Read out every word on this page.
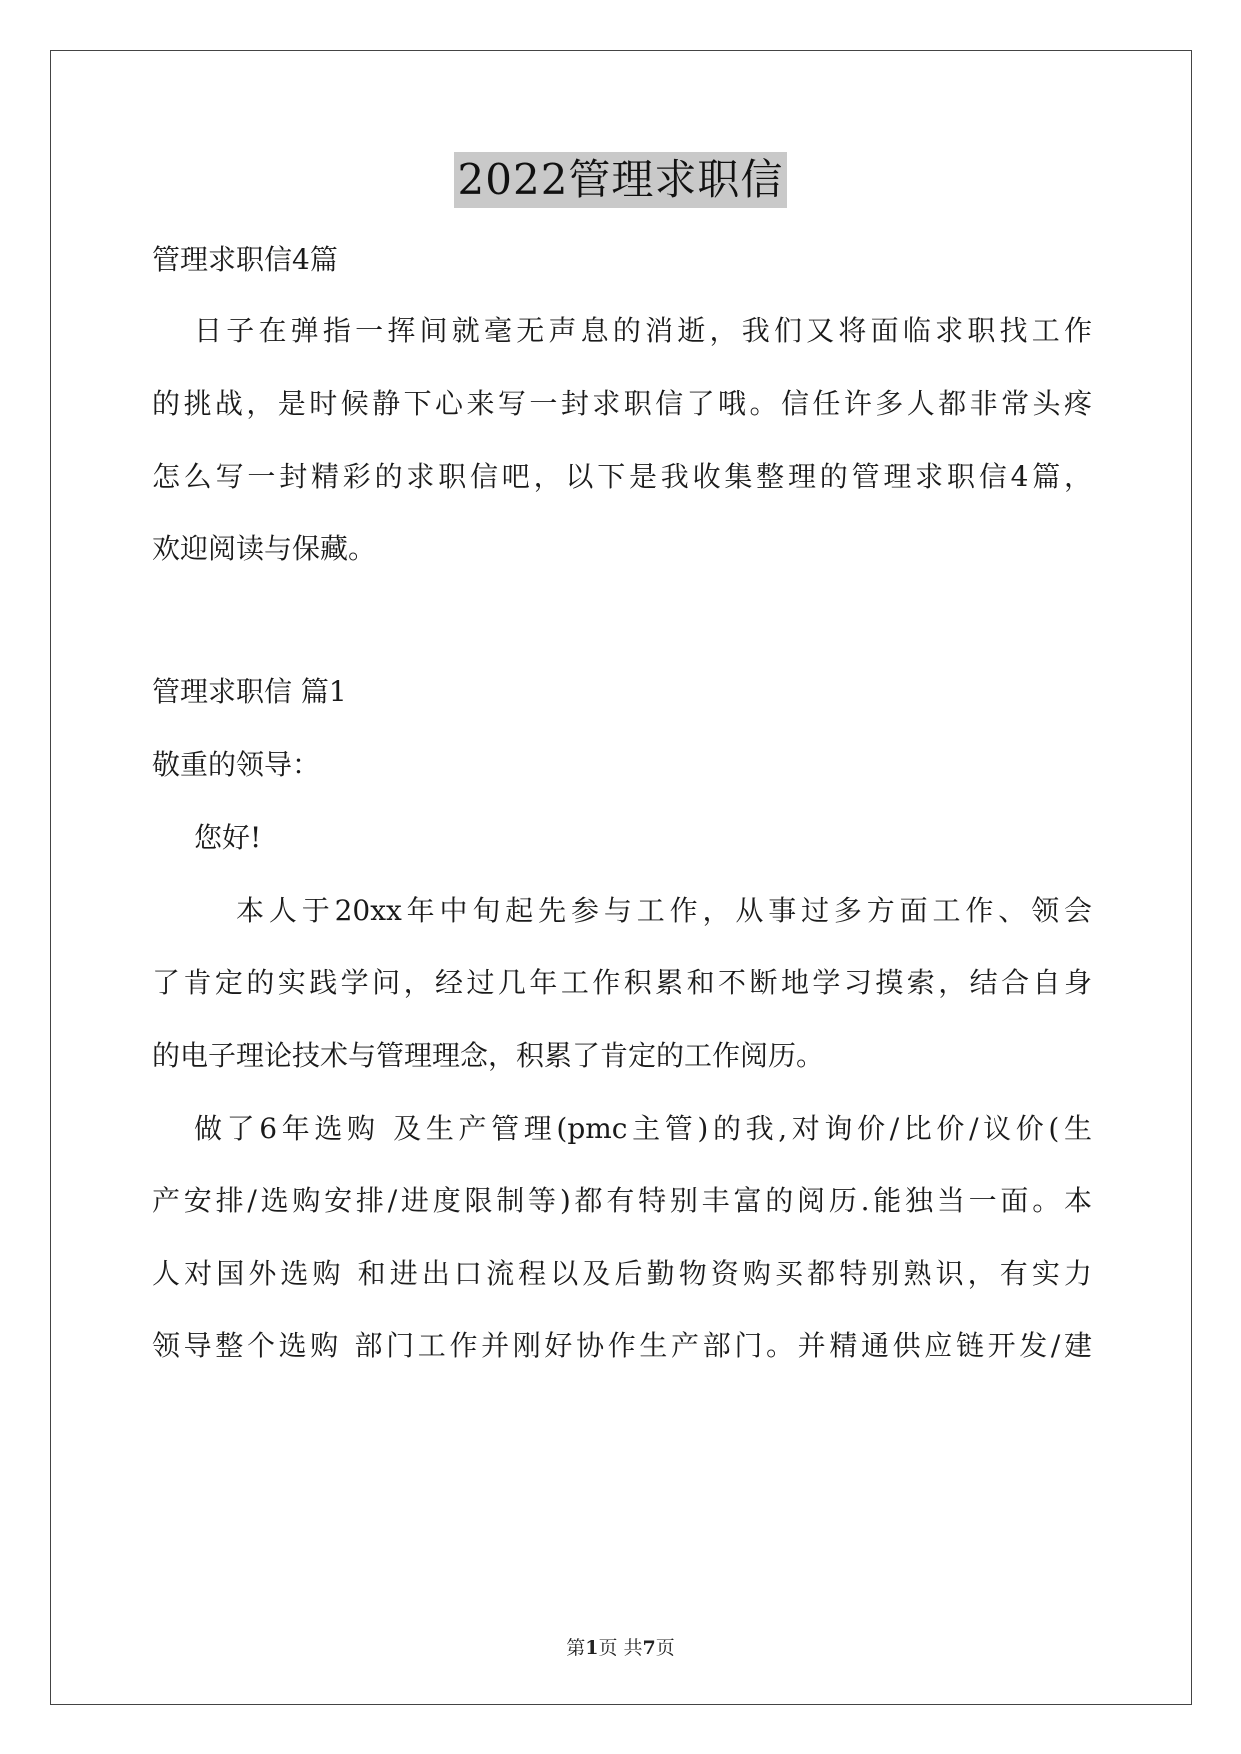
2022管理求职信
管理求职信4篇
日子在弹指一挥间就毫无声息的消逝，我们又将面临求职找工作
的挑战，是时候静下心来写一封求职信了哦。信任许多人都非常头疼
怎么写一封精彩的求职信吧，以下是我收集整理的管理求职信4篇，
欢迎阅读与保藏。
管理求职信 篇1
敬重的领导：
您好!
本人于20xx年中旬起先参与工作，从事过多方面工作、领会
了肯定的实践学问，经过几年工作积累和不断地学习摸索，结合自身
的电子理论技术与管理理念，积累了肯定的工作阅历。
做了6年选购 及生产管理(pmc主管)的我,对询价/比价/议价(生
产安排/选购安排/进度限制等)都有特别丰富的阅历.能独当一面。本
人对国外选购 和进出口流程以及后勤物资购买都特别熟识，有实力
领导整个选购 部门工作并刚好协作生产部门。并精通供应链开发/建
第1页 共7页
